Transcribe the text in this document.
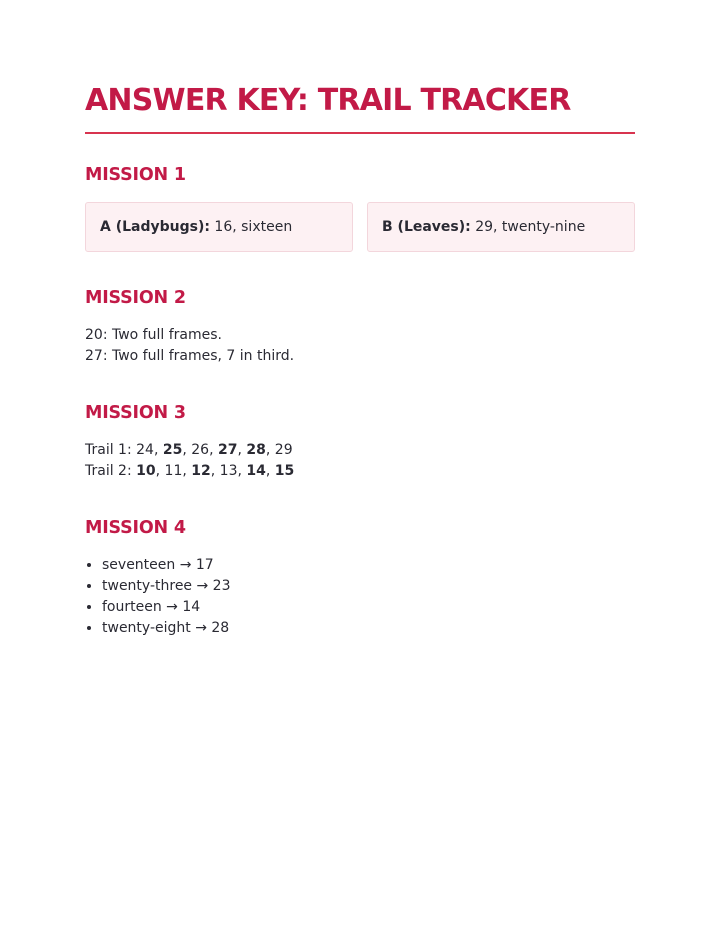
ANSWER KEY: TRAIL TRACKER
MISSION 1
A (Ladybugs): 16, sixteen	B (Leaves): 29, twenty-nine
MISSION 2
20: Two full frames.
27: Two full frames, 7 in third.
MISSION 3
Trail 1: 24, 25, 26, 27, 28, 29
Trail 2: 10, 11, 12, 13, 14, 15
MISSION 4
• seventeen → 17
• twenty-three → 23
• fourteen → 14
• twenty-eight → 28
